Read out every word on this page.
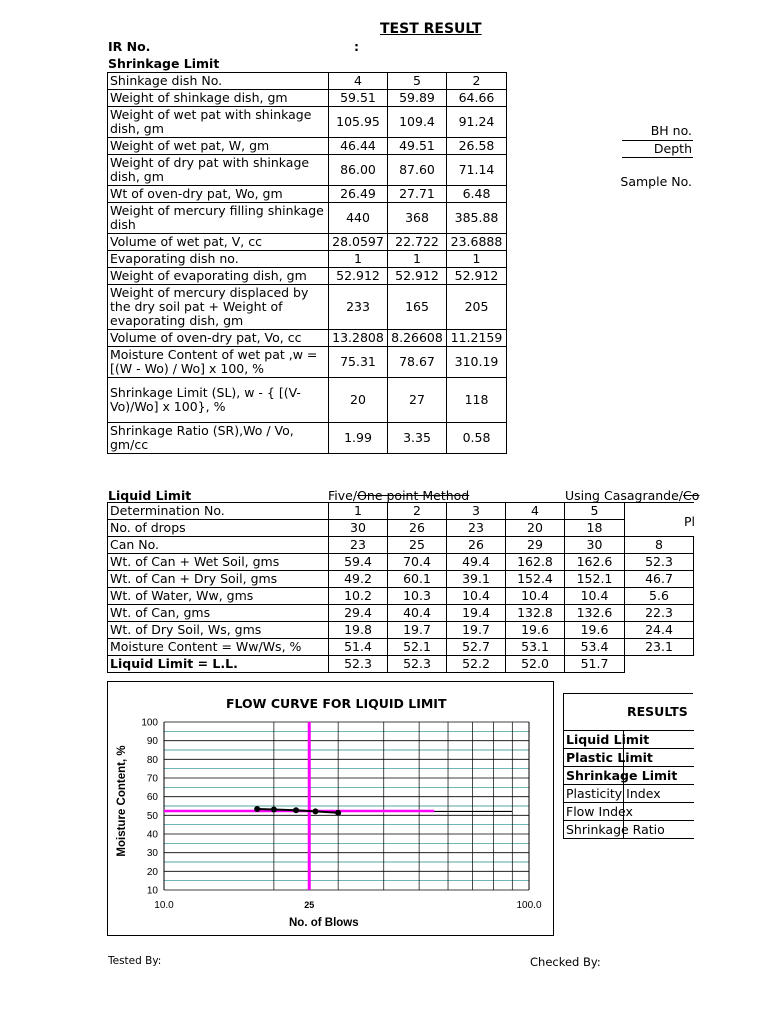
TEST RESULT
IR No.	:
Shrinkage Limit
BH no.
Depth
Sample No.
Shinkage dish No.	4	5	2
Weight of shinkage dish, gm	59.51	59.89	64.66
Weight of wet pat with shinkage dish, gm	105.95	109.4	91.24
Weight of wet pat, W, gm	46.44	49.51	26.58
Weight of dry pat with shinkage dish, gm	86.00	87.60	71.14
Wt of oven-dry pat, Wo, gm	26.49	27.71	6.48
Weight of mercury filling shinkage dish	440	368	385.88
Volume of wet pat, V, cc	28.0597	22.722	23.6888
Evaporating dish no.	1	1	1
Weight of evaporating dish, gm	52.912	52.912	52.912
Weight of mercury displaced by the dry soil pat + Weight of evaporating dish, gm	233	165	205
Volume of oven-dry pat, Vo, cc	13.2808	8.26608	11.2159
Moisture Content of wet pat ,w = [(W - Wo) / Wo] x 100, %	75.31	78.67	310.19
Shrinkage Limit (SL), w - { [(V-Vo)/Wo] x 100}, %	20	27	118
Shrinkage Ratio (SR),Wo / Vo, gm/cc	1.99	3.35	0.58
Liquid Limit	Five/One point Method	Using Casagrande/Co
Pl
Determination No.	1	2	3	4	5	
No. of drops	30	26	23	20	18	
Can No.	23	25	26	29	30	8
Wt. of Can + Wet Soil, gms	59.4	70.4	49.4	162.8	162.6	52.3
Wt. of Can + Dry Soil, gms	49.2	60.1	39.1	152.4	152.1	46.7
Wt. of Water, Ww, gms	10.2	10.3	10.4	10.4	10.4	5.6
Wt. of Can, gms	29.4	40.4	19.4	132.8	132.6	22.3
Wt. of Dry Soil, Ws, gms	19.8	19.7	19.7	19.6	19.6	24.4
Moisture Content = Ww/Ws, %	51.4	52.1	52.7	53.1	53.4	23.1
Liquid Limit = L.L.	52.3	52.3	52.2	52.0	51.7	
10
20
30
40
50
60
70
80
90
100
10.0	25	100.0
FLOW CURVE FOR LIQUID LIMIT
No. of Blows
Moisture Content, %
RESULTS
Liquid Limit	
Plastic Limit	
Shrinkage Limit	
Plasticity Index	
Flow Index	
Shrinkage Ratio	
Tested By:	Checked By:
